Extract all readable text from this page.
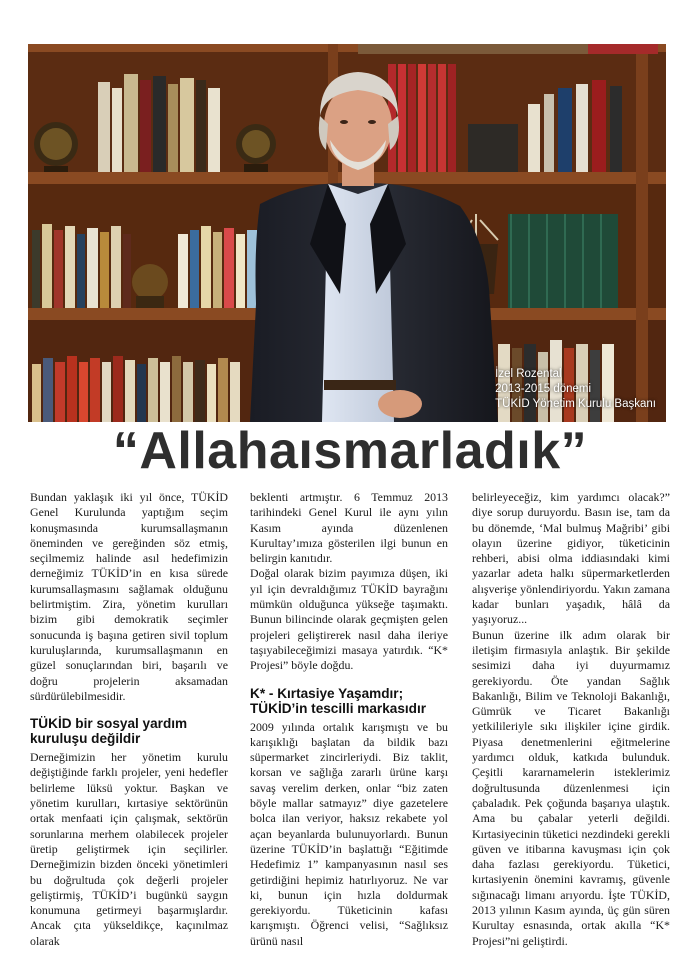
İzel Rozental
2013-2015 dönemi
TÜKİD Yönetim Kurulu Başkanı
“Allahaısmarladık”

Bundan yaklaşık iki yıl önce, TÜKİD Genel Kurulunda yaptığım seçim konuşmasında kurumsallaşmanın öneminden ve gereğinden söz etmiş, seçilmemiz halinde asıl hedefimizin derneğimiz TÜKİD’in en kısa sürede kurumsallaşmasını sağlamak olduğunu belirtmiştim. Zira, yönetim kurulları bizim gibi demokratik seçimler sonucunda iş başına getiren sivil toplum kuruluşlarında, kurumsallaşmanın en güzel sonuçlarından biri, başarılı ve doğru projelerin aksamadan sürdürülebilmesidir.

TÜKİD bir sosyal yardım kuruluşu değildir

Derneğimizin her yönetim kurulu değiştiğinde farklı projeler, yeni hedefler belirleme lüksü yoktur. Başkan ve yönetim kurulları, kırtasiye sektörünün ortak menfaati için çalışmak, sektörün sorunlarına merhem olabilecek projeler üretip geliştirmek için seçilirler. Derneğimizin bizden önceki yönetimleri bu doğrultuda çok değerli projeler geliştirmiş, TÜKİD’i bugünkü saygın konumuna getirmeyi başarmışlardır. Ancak çıta yükseldikçe, kaçınılmaz olarak

beklenti artmıştır. 6 Temmuz 2013 tarihindeki Genel Kurul ile aynı yılın Kasım ayında düzenlenen Kurultay’ımıza gösterilen ilgi bunun en belirgin kanıtıdır.

Doğal olarak bizim payımıza düşen, iki yıl için devraldığımız TÜKİD bayrağını mümkün olduğunca yükseğe taşımaktı. Bunun bilincinde olarak geçmişten gelen projeleri geliştirerek nasıl daha ileriye taşıyabileceğimizi masaya yatırdık. “K* Projesi” böyle doğdu.

K* - Kırtasiye Yaşamdır; TÜKİD’in tescilli markasıdır

2009 yılında ortalık karışmıştı ve bu karışıklığı başlatan da bildik bazı süpermarket zincirleriydi. Biz taklit, korsan ve sağlığa zararlı ürüne karşı savaş verelim derken, onlar “biz zaten böyle mallar satmayız” diye gazetelere bolca ilan veriyor, haksız rekabete yol açan beyanlarda bulunuyorlardı. Bunun üzerine TÜKİD’in başlattığı “Eğitimde Hedefimiz 1” kampanyasının nasıl ses getirdiğini hepimiz hatırlıyoruz. Ne var ki, bunun için hızla doldurmak gerekiyordu. Tüketicinin kafası karışmıştı. Öğrenci velisi, “Sağlıksız ürünü nasıl

belirleyeceğiz, kim yardımcı olacak?” diye sorup duruyordu. Basın ise, tam da bu dönemde, ‘Mal bulmuş Mağribi’ gibi olayın üzerine gidiyor, tüketicinin rehberi, abisi olma iddiasındaki kimi yazarlar adeta halkı süpermarketlerden alışverişe yönlendiriyordu. Yakın zamana kadar bunları yaşadık, hâlâ da yaşıyoruz...

Bunun üzerine ilk adım olarak bir iletişim firmasıyla anlaştık. Bir şekilde sesimizi daha iyi duyurmamız gerekiyordu. Öte yandan Sağlık Bakanlığı, Bilim ve Teknoloji Bakanlığı, Gümrük ve Ticaret Bakanlığı yetkilileriyle sıkı ilişkiler içine girdik. Piyasa denetmenlerini eğitmelerine yardımcı olduk, katkıda bulunduk. Çeşitli kararnamelerin isteklerimiz doğrultusunda düzenlenmesi için çabaladık. Pek çoğunda başarıya ulaştık. Ama bu çabalar yeterli değildi. Kırtasiyecinin tüketici nezdindeki gerekli güven ve itibarına kavuşması için çok daha fazlası gerekiyordu. Tüketici, kırtasiyenin önemini kavramış, güvenle sığınacağı limanı arıyordu. İşte TÜKİD, 2013 yılının Kasım ayında, üç gün süren Kurultay esnasında, ortak akılla “K* Projesi”ni geliştirdi.
